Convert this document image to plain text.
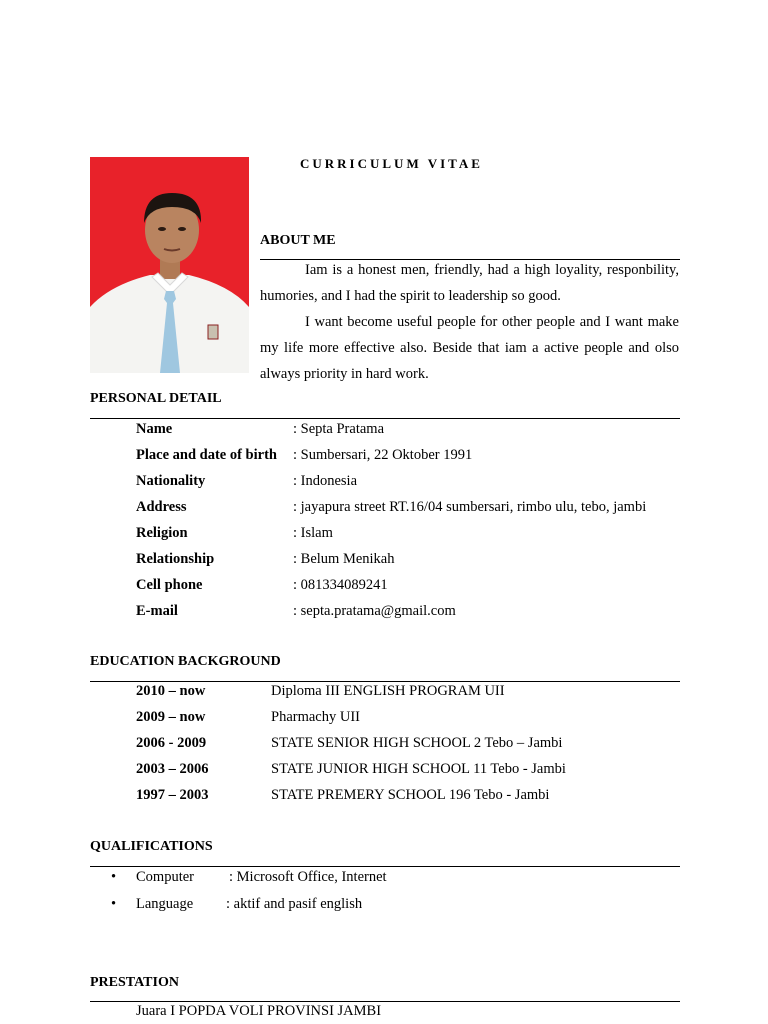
CURRICULUM VITAE
ABOUT ME

Iam is a honest men, friendly, had a high loyality, responbility, humories, and I had the spirit to leadership so good.

I want become useful people for other people and I want make my life more effective also. Beside that iam a active people and olso always priority in hard work.

PERSONAL DETAIL
Name	: Septa Pratama
Place and date of birth : Sumbersari, 22 Oktober 1991
Nationality	: Indonesia
Address	: jayapura street RT.16/04 sumbersari, rimbo ulu, tebo, jambi
Religion	: Islam
Relationship	: Belum Menikah
Cell phone	: 081334089241
E-mail	: septa.pratama@gmail.com
EDUCATION BACKGROUND
2010 – now	Diploma III ENGLISH PROGRAM UII
2009 – now	Pharmachy UII
2006 - 2009	STATE SENIOR HIGH SCHOOL 2 Tebo – Jambi
2003 – 2006	STATE JUNIOR HIGH SCHOOL 11 Tebo - Jambi
1997 – 2003	STATE PREMERY SCHOOL 196 Tebo - Jambi
QUALIFICATIONS
• Computer : Microsoft Office, Internet
• Language : aktif and pasif english
PRESTATION
Juara I POPDA VOLI PROVINSI JAMBI
